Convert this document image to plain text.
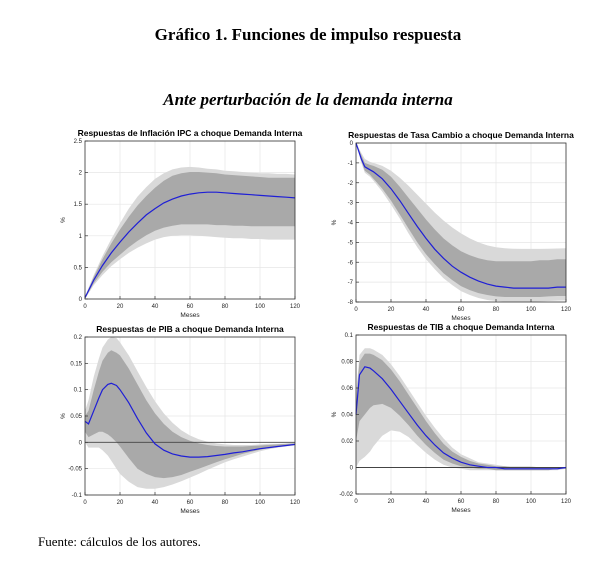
Gráfico 1. Funciones de impulso respuesta
Ante perturbación de la demanda interna
0	20	40	60	80	100	120
0
0.5
1
1.5
2
2.5
Respuestas de Inflación IPC a choque Demanda Interna
Meses
%
0	20	40	60	80	100	120
-8
-7
-6
-5
-4
-3
-2
-1
0
Respuestas de Tasa Cambio a choque Demanda Interna
Meses
%
0	20	40	60	80	100	120
-0.1
-0.05
0
0.05
0.1
0.15
0.2
Respuestas de PIB a choque Demanda Interna
Meses
%
0	20	40	60	80	100	120
-0.02
0
0.02
0.04
0.06
0.08
0.1
Respuestas de TIB a choque Demanda Interna
Meses
%
Fuente: cálculos de los autores.
